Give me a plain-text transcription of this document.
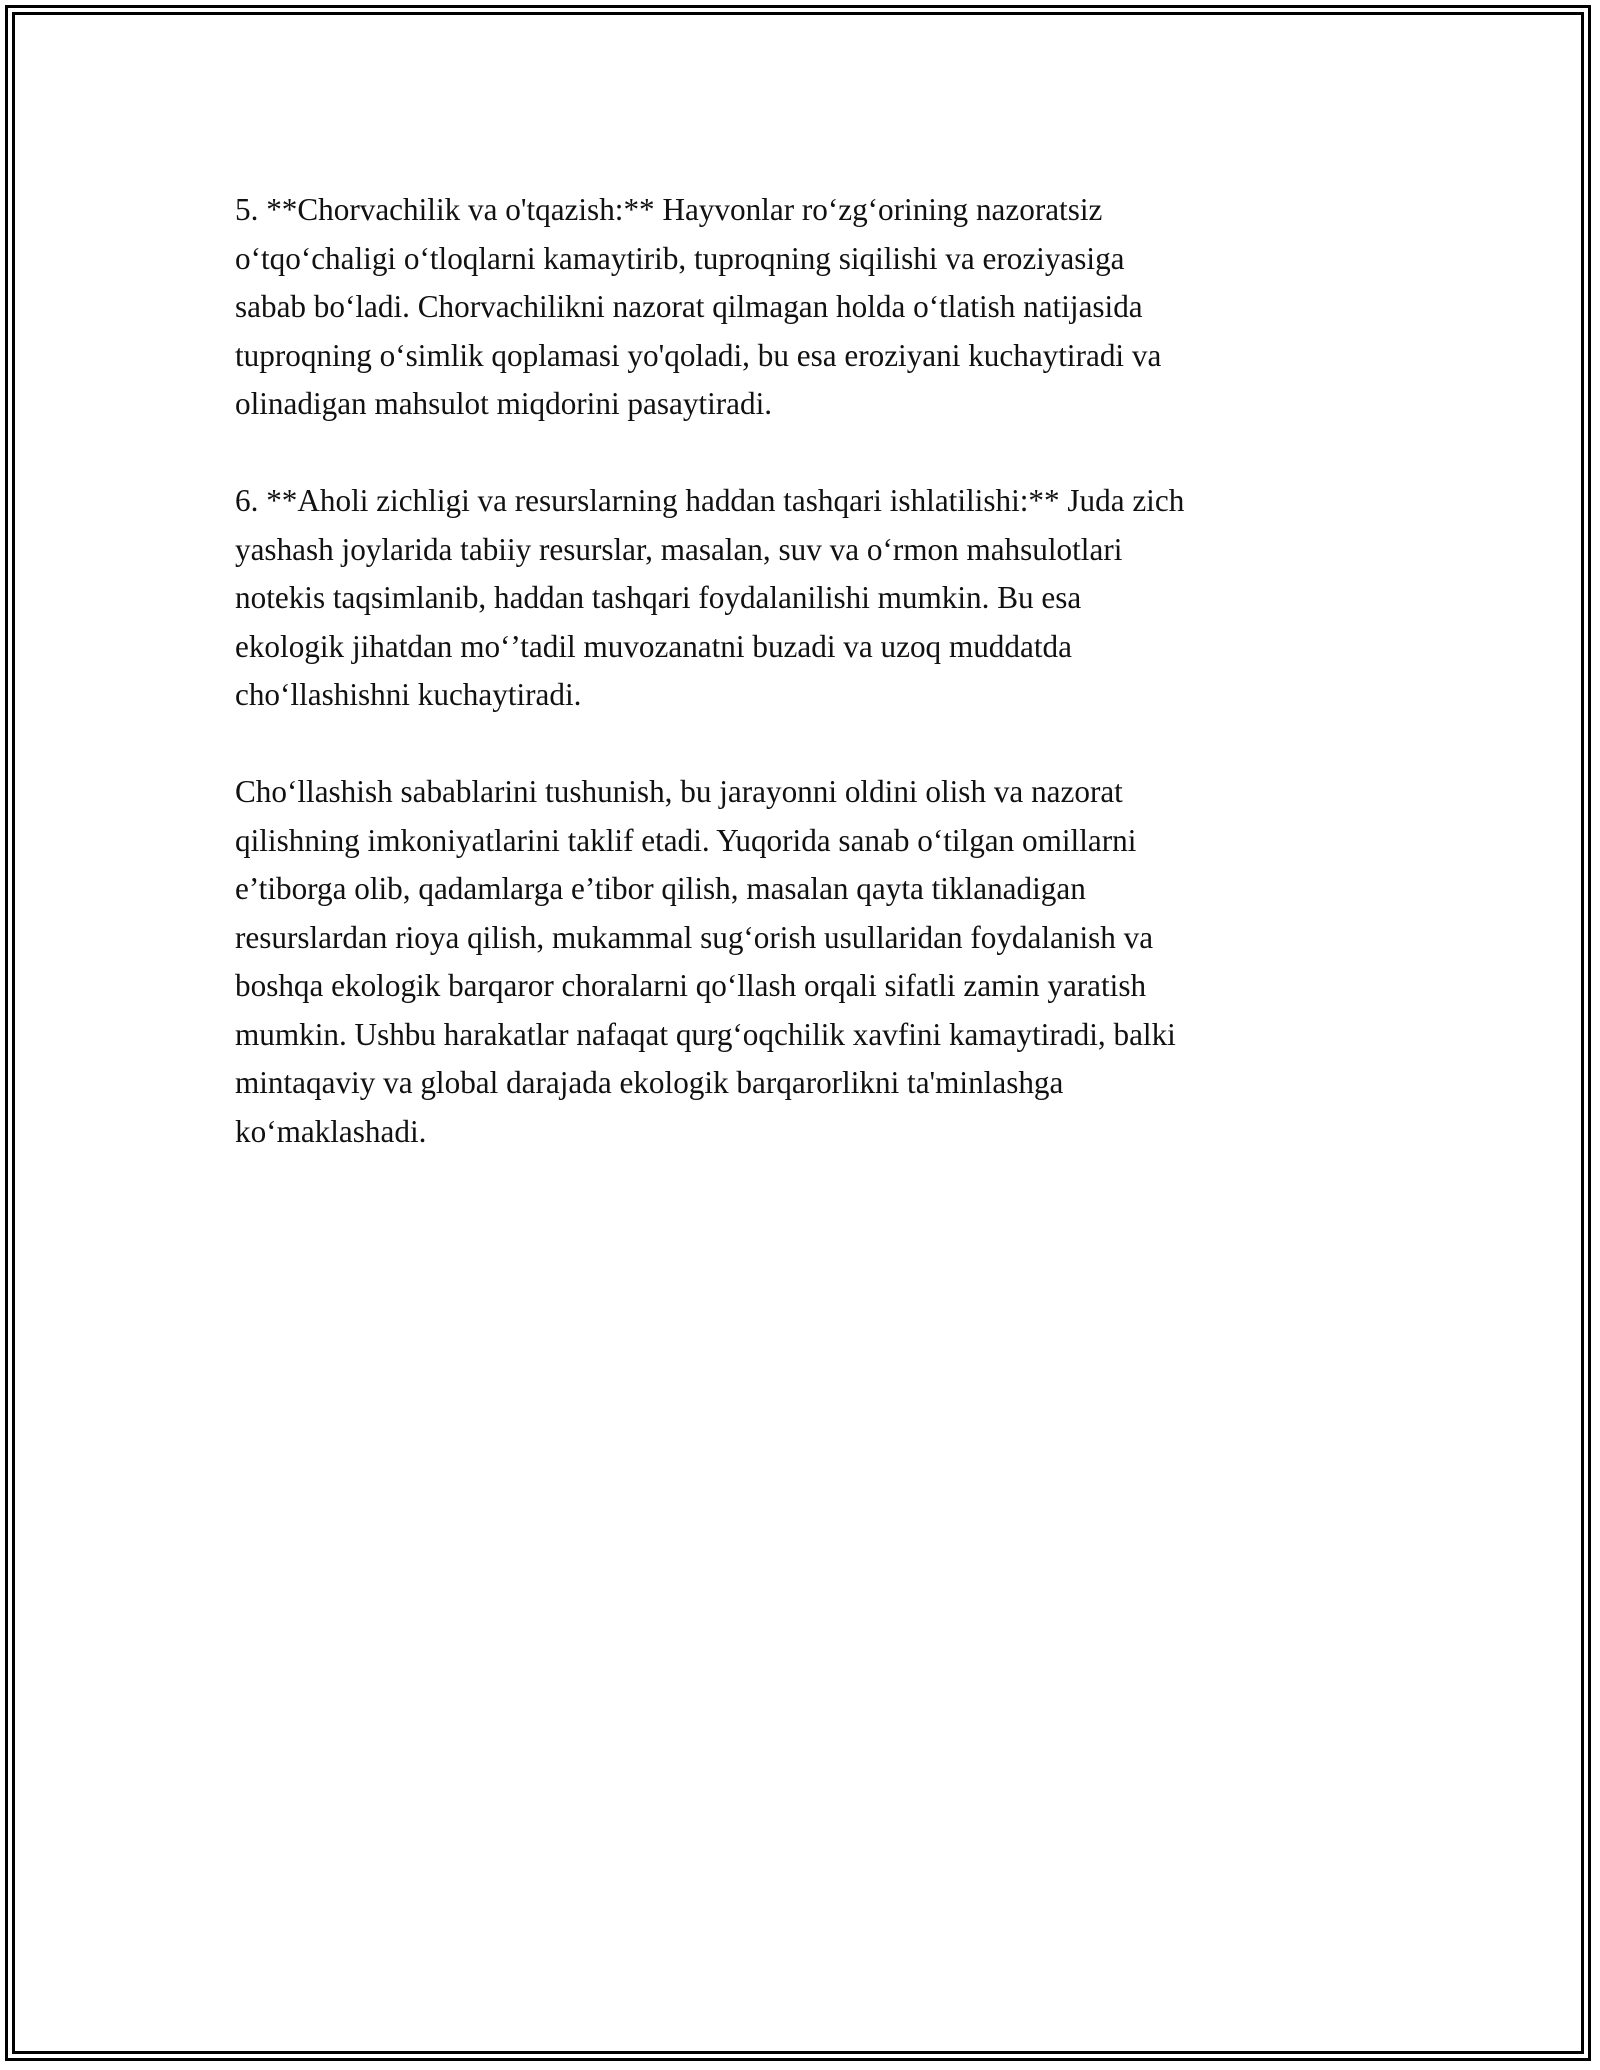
5. **Chorvachilik va o'tqazish:** Hayvonlar ro‘zg‘orining nazoratsiz
o‘tqo‘chaligi o‘tloqlarni kamaytirib, tuproqning siqilishi va eroziyasiga
sabab bo‘ladi. Chorvachilikni nazorat qilmagan holda o‘tlatish natijasida
tuproqning o‘simlik qoplamasi yo'qoladi, bu esa eroziyani kuchaytiradi va
olinadigan mahsulot miqdorini pasaytiradi.

6. **Aholi zichligi va resurslarning haddan tashqari ishlatilishi:** Juda zich
yashash joylarida tabiiy resurslar, masalan, suv va o‘rmon mahsulotlari
notekis taqsimlanib, haddan tashqari foydalanilishi mumkin. Bu esa
ekologik jihatdan mo‘’tadil muvozanatni buzadi va uzoq muddatda
cho‘llashishni kuchaytiradi.

Cho‘llashish sabablarini tushunish, bu jarayonni oldini olish va nazorat
qilishning imkoniyatlarini taklif etadi. Yuqorida sanab o‘tilgan omillarni
e’tiborga olib, qadamlarga e’tibor qilish, masalan qayta tiklanadigan
resurslardan rioya qilish, mukammal sug‘orish usullaridan foydalanish va
boshqa ekologik barqaror choralarni qo‘llash orqali sifatli zamin yaratish
mumkin. Ushbu harakatlar nafaqat qurg‘oqchilik xavfini kamaytiradi, balki
mintaqaviy va global darajada ekologik barqarorlikni ta'minlashga
ko‘maklashadi.
